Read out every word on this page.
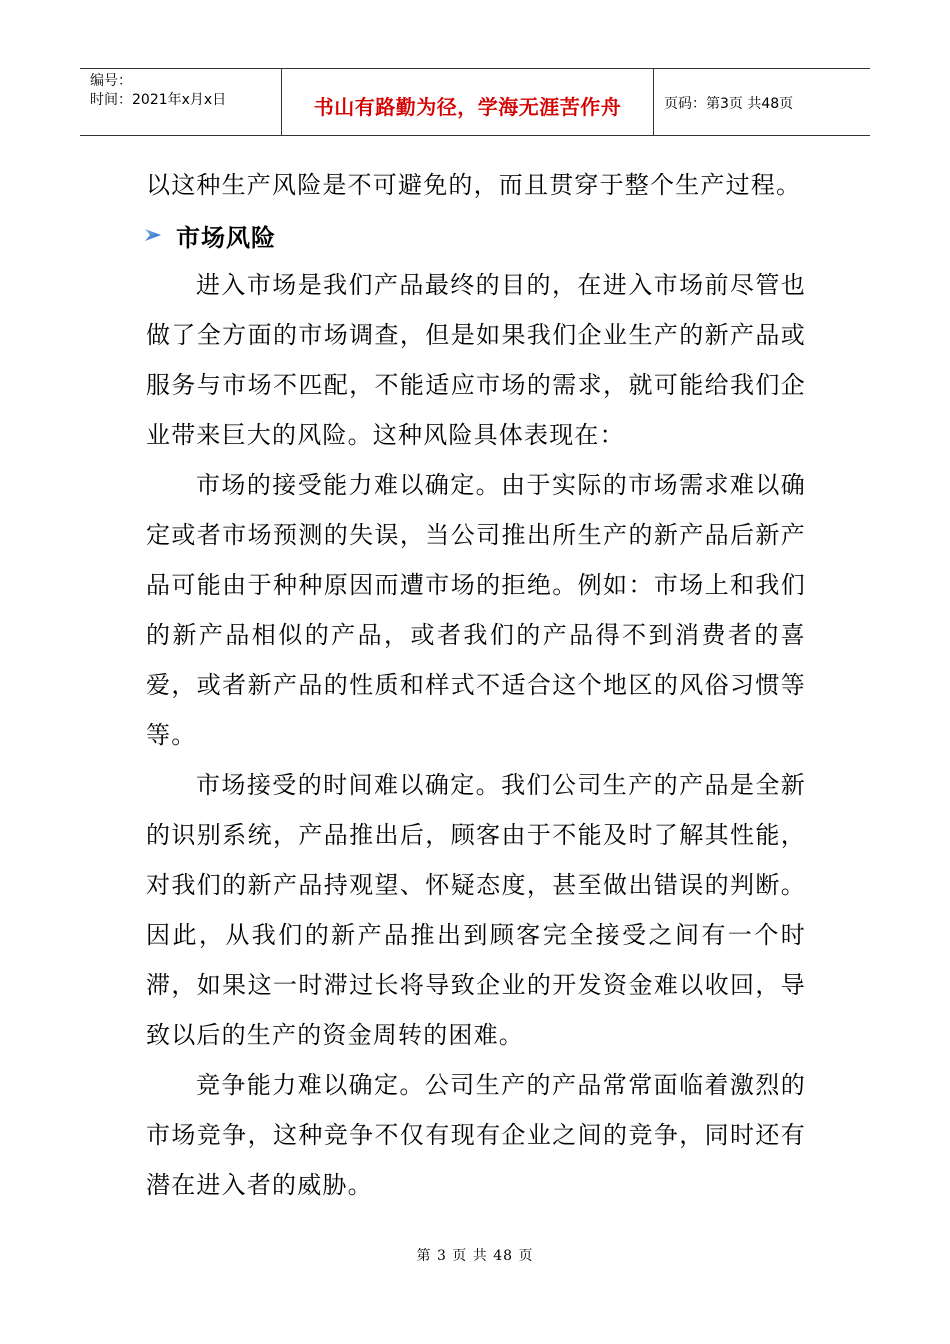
编号：
时间：2021年x月x日	书山有路勤为径，学海无涯苦作舟	页码：第3页 共48页

以这种生产风险是不可避免的，而且贯穿于整个生产过程。

市场风险

进入市场是我们产品最终的目的，在进入市场前尽管也做了全方面的市场调查，但是如果我们企业生产的新产品或服务与市场不匹配，不能适应市场的需求，就可能给我们企业带来巨大的风险。这种风险具体表现在：

市场的接受能力难以确定。由于实际的市场需求难以确定或者市场预测的失误，当公司推出所生产的新产品后新产品可能由于种种原因而遭市场的拒绝。例如：市场上和我们的新产品相似的产品，或者我们的产品得不到消费者的喜爱，或者新产品的性质和样式不适合这个地区的风俗习惯等等。

市场接受的时间难以确定。我们公司生产的产品是全新的识别系统，产品推出后，顾客由于不能及时了解其性能，对我们的新产品持观望、怀疑态度，甚至做出错误的判断。因此，从我们的新产品推出到顾客完全接受之间有一个时滞，如果这一时滞过长将导致企业的开发资金难以收回，导致以后的生产的资金周转的困难。

竞争能力难以确定。公司生产的产品常常面临着激烈的市场竞争，这种竞争不仅有现有企业之间的竞争，同时还有潜在进入者的威胁。

第 3 页 共 48 页
